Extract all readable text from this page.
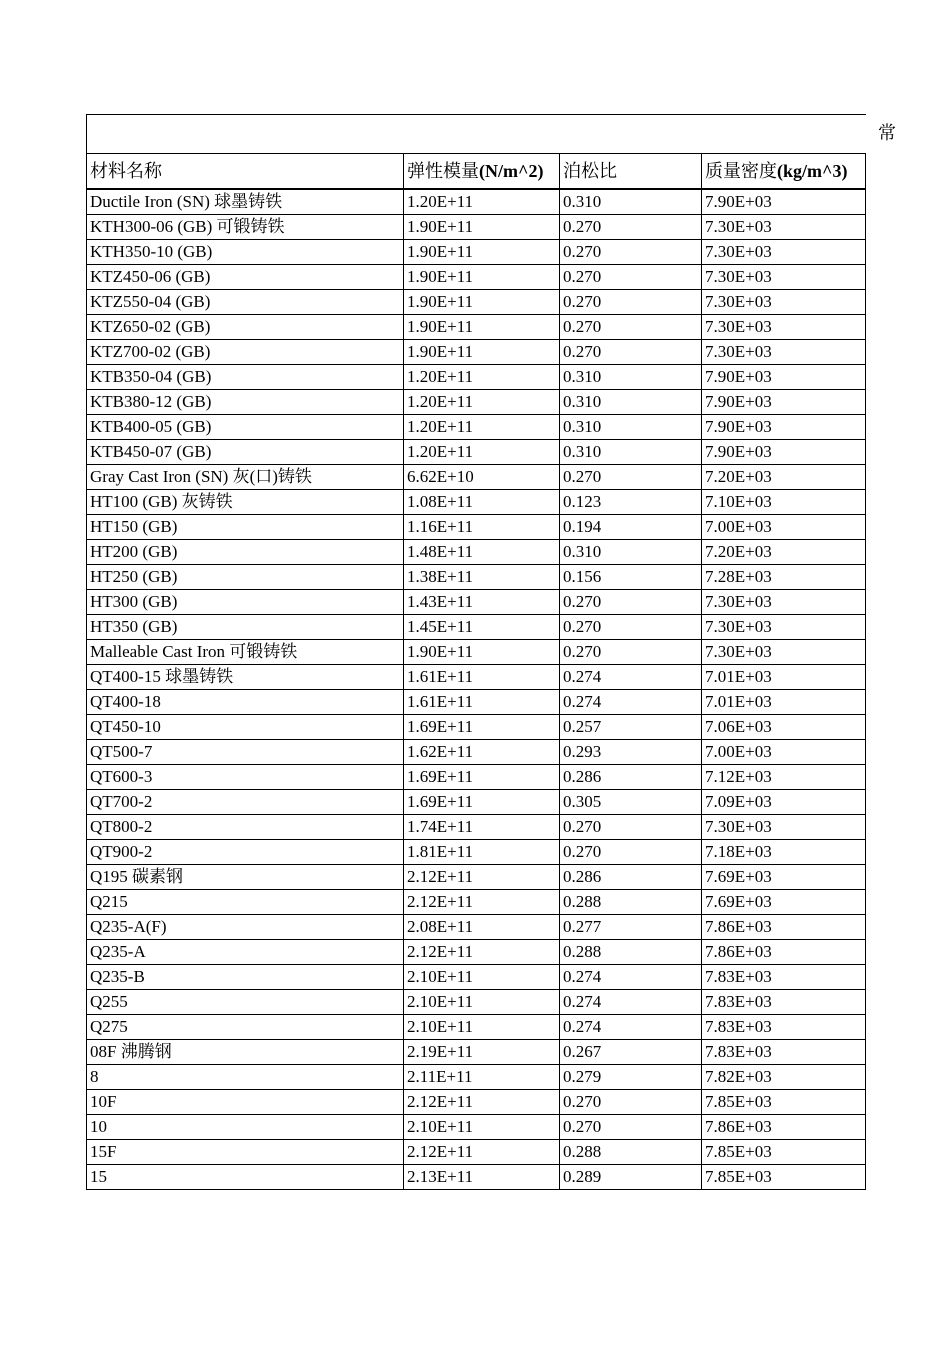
常

材料名称	弹性模量(N/m^2)	泊松比	质量密度(kg/m^3)
Ductile Iron (SN) 球墨铸铁	1.20E+11	0.310	7.90E+03
KTH300-06 (GB) 可锻铸铁	1.90E+11	0.270	7.30E+03
KTH350-10 (GB)	1.90E+11	0.270	7.30E+03
KTZ450-06 (GB)	1.90E+11	0.270	7.30E+03
KTZ550-04 (GB)	1.90E+11	0.270	7.30E+03
KTZ650-02 (GB)	1.90E+11	0.270	7.30E+03
KTZ700-02 (GB)	1.90E+11	0.270	7.30E+03
KTB350-04 (GB)	1.20E+11	0.310	7.90E+03
KTB380-12 (GB)	1.20E+11	0.310	7.90E+03
KTB400-05 (GB)	1.20E+11	0.310	7.90E+03
KTB450-07 (GB)	1.20E+11	0.310	7.90E+03
Gray Cast Iron (SN) 灰(口)铸铁	6.62E+10	0.270	7.20E+03
HT100 (GB) 灰铸铁	1.08E+11	0.123	7.10E+03
HT150 (GB)	1.16E+11	0.194	7.00E+03
HT200 (GB)	1.48E+11	0.310	7.20E+03
HT250 (GB)	1.38E+11	0.156	7.28E+03
HT300 (GB)	1.43E+11	0.270	7.30E+03
HT350 (GB)	1.45E+11	0.270	7.30E+03
Malleable Cast Iron 可锻铸铁	1.90E+11	0.270	7.30E+03
QT400-15 球墨铸铁	1.61E+11	0.274	7.01E+03
QT400-18	1.61E+11	0.274	7.01E+03
QT450-10	1.69E+11	0.257	7.06E+03
QT500-7	1.62E+11	0.293	7.00E+03
QT600-3	1.69E+11	0.286	7.12E+03
QT700-2	1.69E+11	0.305	7.09E+03
QT800-2	1.74E+11	0.270	7.30E+03
QT900-2	1.81E+11	0.270	7.18E+03
Q195 碳素钢	2.12E+11	0.286	7.69E+03
Q215	2.12E+11	0.288	7.69E+03
Q235-A(F)	2.08E+11	0.277	7.86E+03
Q235-A	2.12E+11	0.288	7.86E+03
Q235-B	2.10E+11	0.274	7.83E+03
Q255	2.10E+11	0.274	7.83E+03
Q275	2.10E+11	0.274	7.83E+03
08F 沸腾钢	2.19E+11	0.267	7.83E+03
8	2.11E+11	0.279	7.82E+03
10F	2.12E+11	0.270	7.85E+03
10	2.10E+11	0.270	7.86E+03
15F	2.12E+11	0.288	7.85E+03
15	2.13E+11	0.289	7.85E+03
